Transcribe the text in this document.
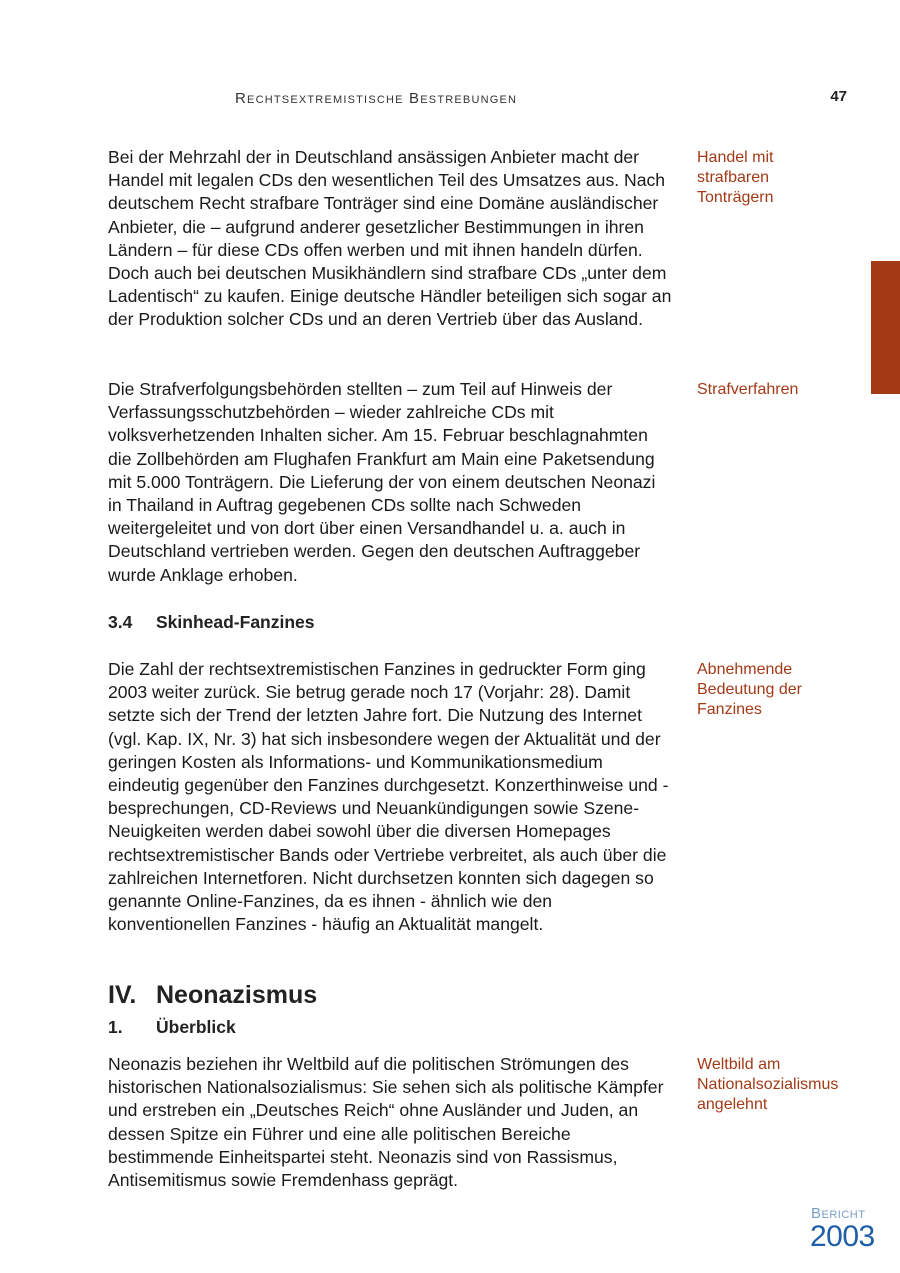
Rechtsextremistische Bestrebungen	47

Bei der Mehrzahl der in Deutschland ansässigen Anbieter macht der Handel mit legalen CDs den wesentlichen Teil des Umsatzes aus. Nach deutschem Recht strafbare Tonträger sind eine Domäne ausländischer Anbieter, die – aufgrund anderer gesetzlicher Bestimmungen in ihren Ländern – für diese CDs offen werben und mit ihnen handeln dürfen. Doch auch bei deutschen Musikhändlern sind strafbare CDs „unter dem Ladentisch“ zu kaufen. Einige deutsche Händler beteiligen sich sogar an der Produktion solcher CDs und an deren Vertrieb über das Ausland.

Handel mit strafbaren Tonträgern

Die Strafverfolgungsbehörden stellten – zum Teil auf Hinweis der Verfassungsschutzbehörden – wieder zahlreiche CDs mit volksverhetzenden Inhalten sicher. Am 15. Februar beschlagnahmten die Zollbehörden am Flughafen Frankfurt am Main eine Paketsendung mit 5.000 Tonträgern. Die Lieferung der von einem deutschen Neonazi in Thailand in Auftrag gegebenen CDs sollte nach Schweden weitergeleitet und von dort über einen Versandhandel u. a. auch in Deutschland vertrieben werden. Gegen den deutschen Auftraggeber wurde Anklage erhoben.

Strafverfahren

3.4 Skinhead-Fanzines

Die Zahl der rechtsextremistischen Fanzines in gedruckter Form ging 2003 weiter zurück. Sie betrug gerade noch 17 (Vorjahr: 28). Damit setzte sich der Trend der letzten Jahre fort. Die Nutzung des Internet (vgl. Kap. IX, Nr. 3) hat sich insbesondere wegen der Aktualität und der geringen Kosten als Informations- und Kommunikationsmedium eindeutig gegenüber den Fanzines durchgesetzt. Konzerthinweise und -besprechungen, CD-Reviews und Neuankündigungen sowie Szene-Neuigkeiten werden dabei sowohl über die diversen Homepages rechtsextremistischer Bands oder Vertriebe verbreitet, als auch über die zahlreichen Internetforen. Nicht durchsetzen konnten sich dagegen so genannte Online-Fanzines, da es ihnen - ähnlich wie den konventionellen Fanzines - häufig an Aktualität mangelt.

Abnehmende Bedeutung der Fanzines

IV. Neonazismus
1. Überblick

Neonazis beziehen ihr Weltbild auf die politischen Strömungen des historischen Nationalsozialismus: Sie sehen sich als politische Kämpfer und erstreben ein „Deutsches Reich“ ohne Ausländer und Juden, an dessen Spitze ein Führer und eine alle politischen Bereiche bestimmende Einheitspartei steht. Neonazis sind von Rassismus, Antisemitismus sowie Fremdenhass geprägt.

Weltbild am Nationalsozialismus angelehnt

Bericht
2003
